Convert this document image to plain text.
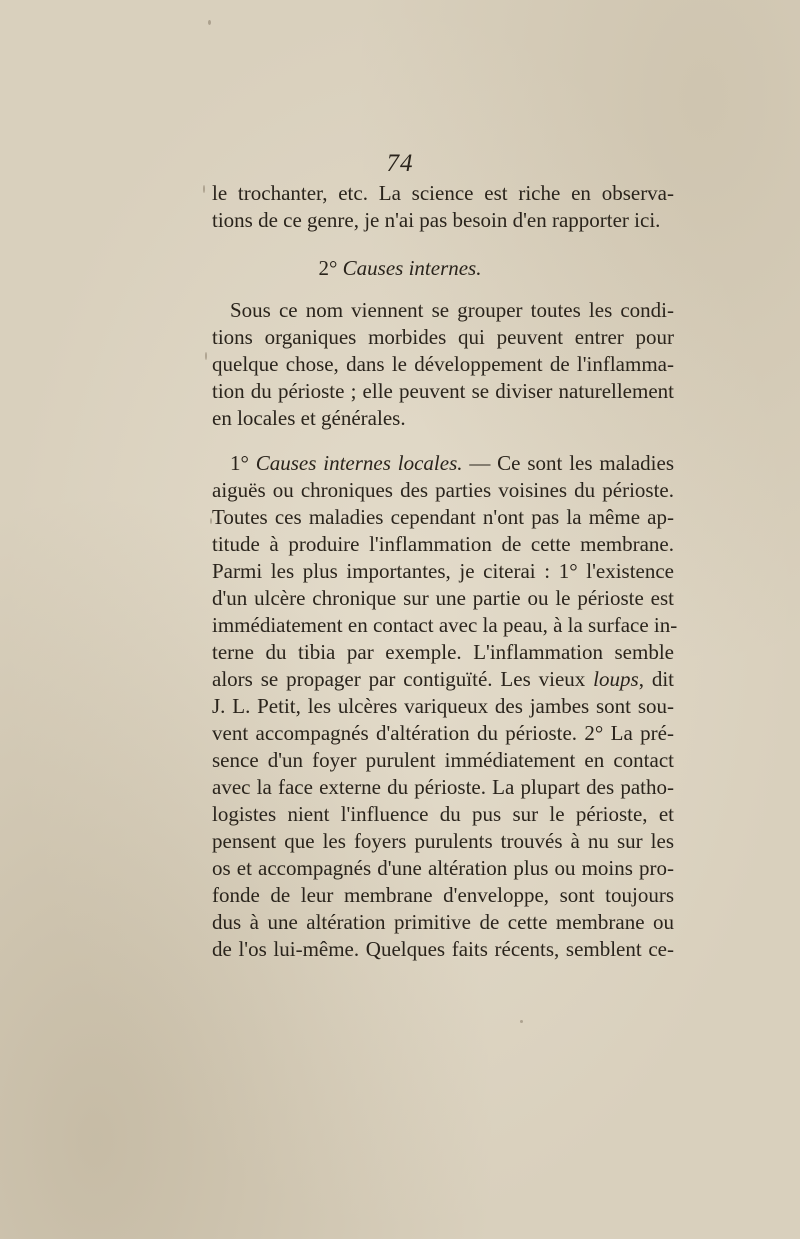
74
le trochanter, etc. La science est riche en observa-
tions de ce genre, je n'ai pas besoin d'en rapporter ici.
2° Causes internes.
Sous ce nom viennent se grouper toutes les condi-
tions organiques morbides qui peuvent entrer pour
quelque chose, dans le développement de l'inflamma-
tion du périoste ; elle peuvent se diviser naturellement
en locales et générales.
1° Causes internes locales. — Ce sont les maladies
aiguës ou chroniques des parties voisines du périoste.
Toutes ces maladies cependant n'ont pas la même ap-
titude à produire l'inflammation de cette membrane.
Parmi les plus importantes, je citerai : 1° l'existence
d'un ulcère chronique sur une partie ou le périoste est
immédiatement en contact avec la peau, à la surface in-
terne du tibia par exemple. L'inflammation semble
alors se propager par contiguïté. Les vieux loups, dit
J. L. Petit, les ulcères variqueux des jambes sont sou-
vent accompagnés d'altération du périoste. 2° La pré-
sence d'un foyer purulent immédiatement en contact
avec la face externe du périoste. La plupart des patho-
logistes nient l'influence du pus sur le périoste, et
pensent que les foyers purulents trouvés à nu sur les
os et accompagnés d'une altération plus ou moins pro-
fonde de leur membrane d'enveloppe, sont toujours
dus à une altération primitive de cette membrane ou
de l'os lui-même. Quelques faits récents, semblent ce-
